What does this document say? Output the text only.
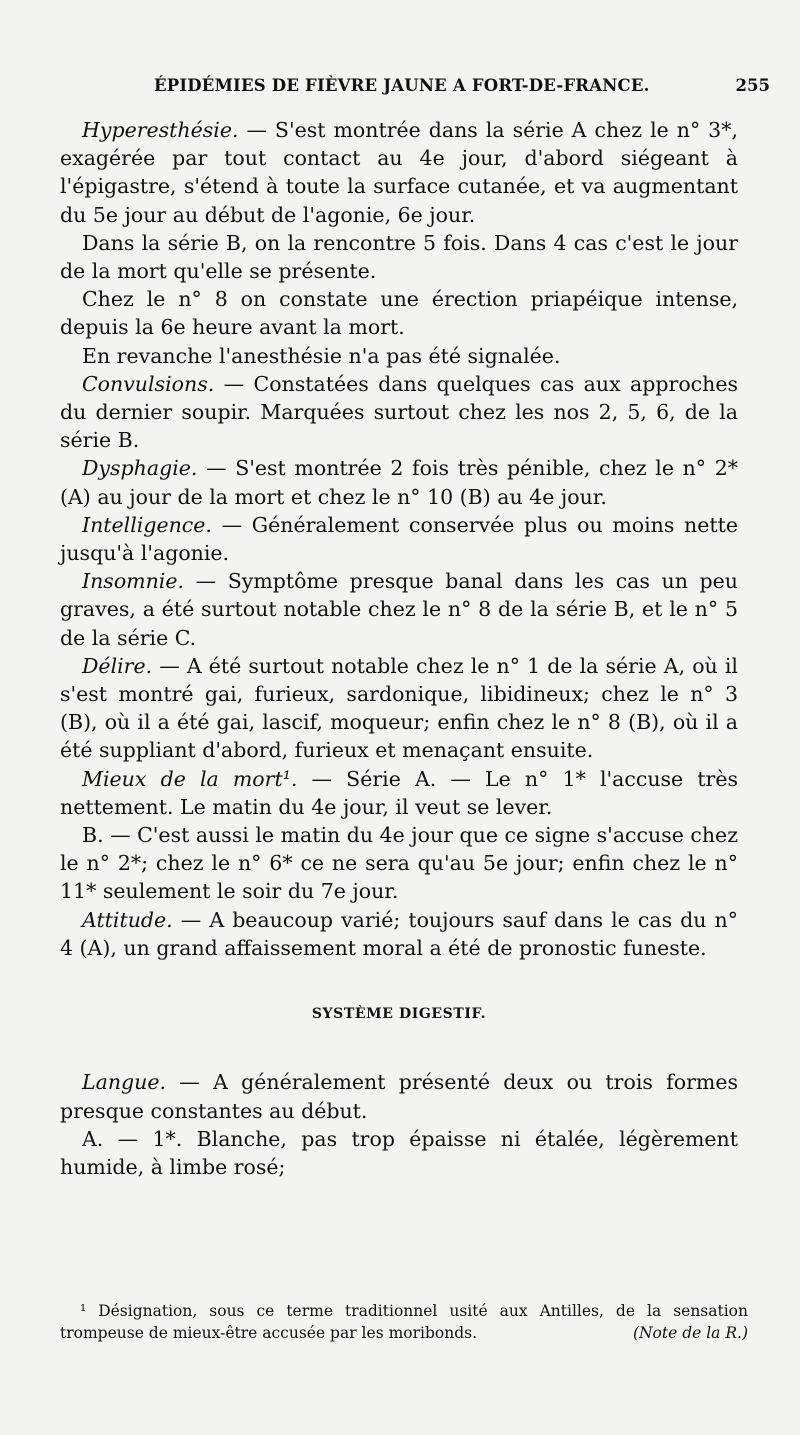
ÉPIDÉMIES DE FIÈVRE JAUNE A FORT-DE-FRANCE.	255

Hyperesthésie. — S'est montrée dans la série A chez le n° 3*, exagérée par tout contact au 4e jour, d'abord siégeant à l'épigastre, s'étend à toute la surface cutanée, et va augmentant du 5e jour au début de l'agonie, 6e jour.

Dans la série B, on la rencontre 5 fois. Dans 4 cas c'est le jour de la mort qu'elle se présente.

Chez le n° 8 on constate une érection priapéique intense, depuis la 6e heure avant la mort.

En revanche l'anesthésie n'a pas été signalée.

Convulsions. — Constatées dans quelques cas aux approches du dernier soupir. Marquées surtout chez les nos 2, 5, 6, de la série B.

Dysphagie. — S'est montrée 2 fois très pénible, chez le n° 2* (A) au jour de la mort et chez le n° 10 (B) au 4e jour.

Intelligence. — Généralement conservée plus ou moins nette jusqu'à l'agonie.

Insomnie. — Symptôme presque banal dans les cas un peu graves, a été surtout notable chez le n° 8 de la série B, et le n° 5 de la série C.

Délire. — A été surtout notable chez le n° 1 de la série A, où il s'est montré gai, furieux, sardonique, libidineux; chez le n° 3 (B), où il a été gai, lascif, moqueur; enfin chez le n° 8 (B), où il a été suppliant d'abord, furieux et menaçant ensuite.

Mieux de la mort¹. — Série A. — Le n° 1* l'accuse très nettement. Le matin du 4e jour, il veut se lever.

B. — C'est aussi le matin du 4e jour que ce signe s'accuse chez le n° 2*; chez le n° 6* ce ne sera qu'au 5e jour; enfin chez le n° 11* seulement le soir du 7e jour.

Attitude. — A beaucoup varié; toujours sauf dans le cas du n° 4 (A), un grand affaissement moral a été de pronostic funeste.

SYSTÈME DIGESTIF.

Langue. — A généralement présenté deux ou trois formes presque constantes au début.

A. — 1*. Blanche, pas trop épaisse ni étalée, légèrement humide, à limbe rosé;

¹ Désignation, sous ce terme traditionnel usité aux Antilles, de la sensation trompeuse de mieux-être accusée par les moribonds.	(Note de la R.)
